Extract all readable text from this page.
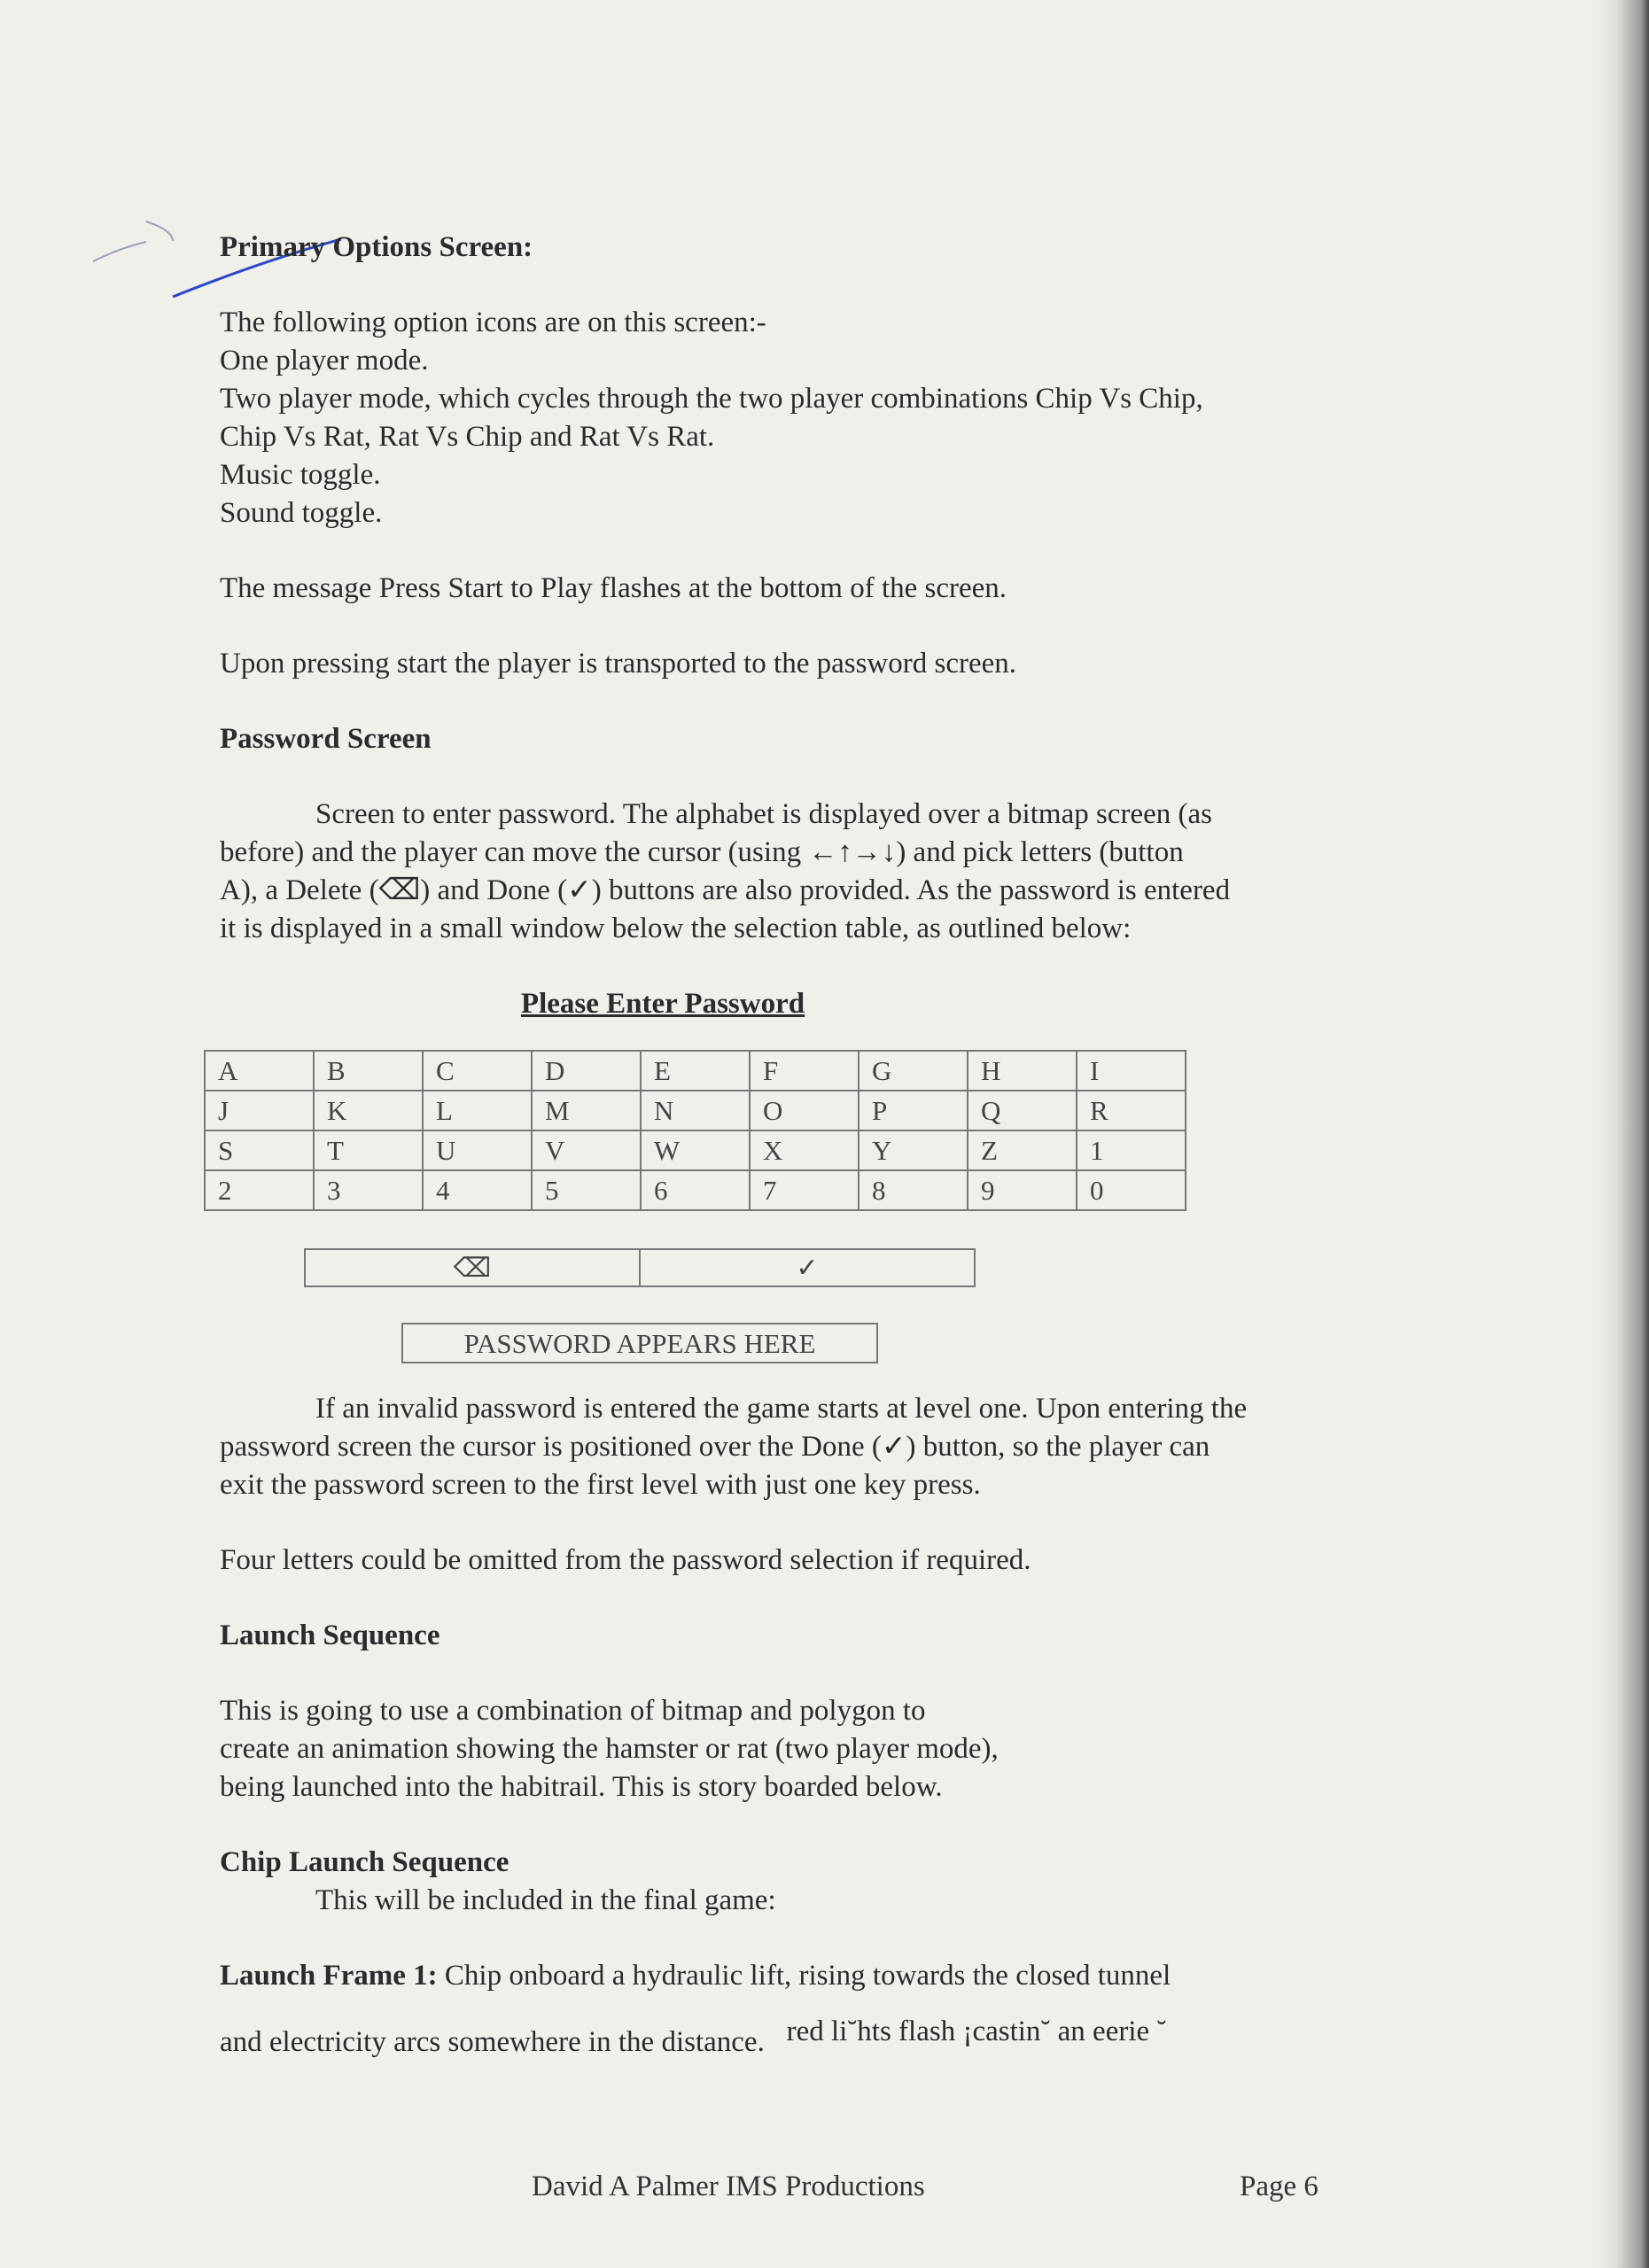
Primary Options Screen:

The following option icons are on this screen:-

One player mode.

Two player mode, which cycles through the two player combinations Chip Vs Chip,

Chip Vs Rat, Rat Vs Chip and Rat Vs Rat.

Music toggle.

Sound toggle.

The message Press Start to Play flashes at the bottom of the screen.

Upon pressing start the player is transported to the password screen.

Password Screen

Screen to enter password. The alphabet is displayed over a bitmap screen (as

before) and the player can move the cursor (using ←↑→↓) and pick letters (button

A), a Delete (⌫) and Done (✓) buttons are also provided. As the password is entered

it is displayed in a small window below the selection table, as outlined below:

Please Enter Password

A	B	C	D	E	F	G	H	I
J	K	L	M	N	O	P	Q	R
S	T	U	V	W	X	Y	Z	1
2	3	4	5	6	7	8	9	0
⌫	✓
PASSWORD APPEARS HERE

If an invalid password is entered the game starts at level one. Upon entering the

password screen the cursor is positioned over the Done (✓) button, so the player can

exit the password screen to the first level with just one key press.

Four letters could be omitted from the password selection if required.

Launch Sequence

This is going to use a combination of bitmap and polygon to

create an animation showing the hamster or rat (two player mode),

being launched into the habitrail. This is story boarded below.

Chip Launch Sequence

This will be included in the final game:

Launch Frame 1: Chip onboard a hydraulic lift, rising towards the closed tunnel

and electricity arcs somewhere in the distance. red li˘hts flash ¡castin˘ an eerie ˘

David A Palmer IMS Productions	Page 6
